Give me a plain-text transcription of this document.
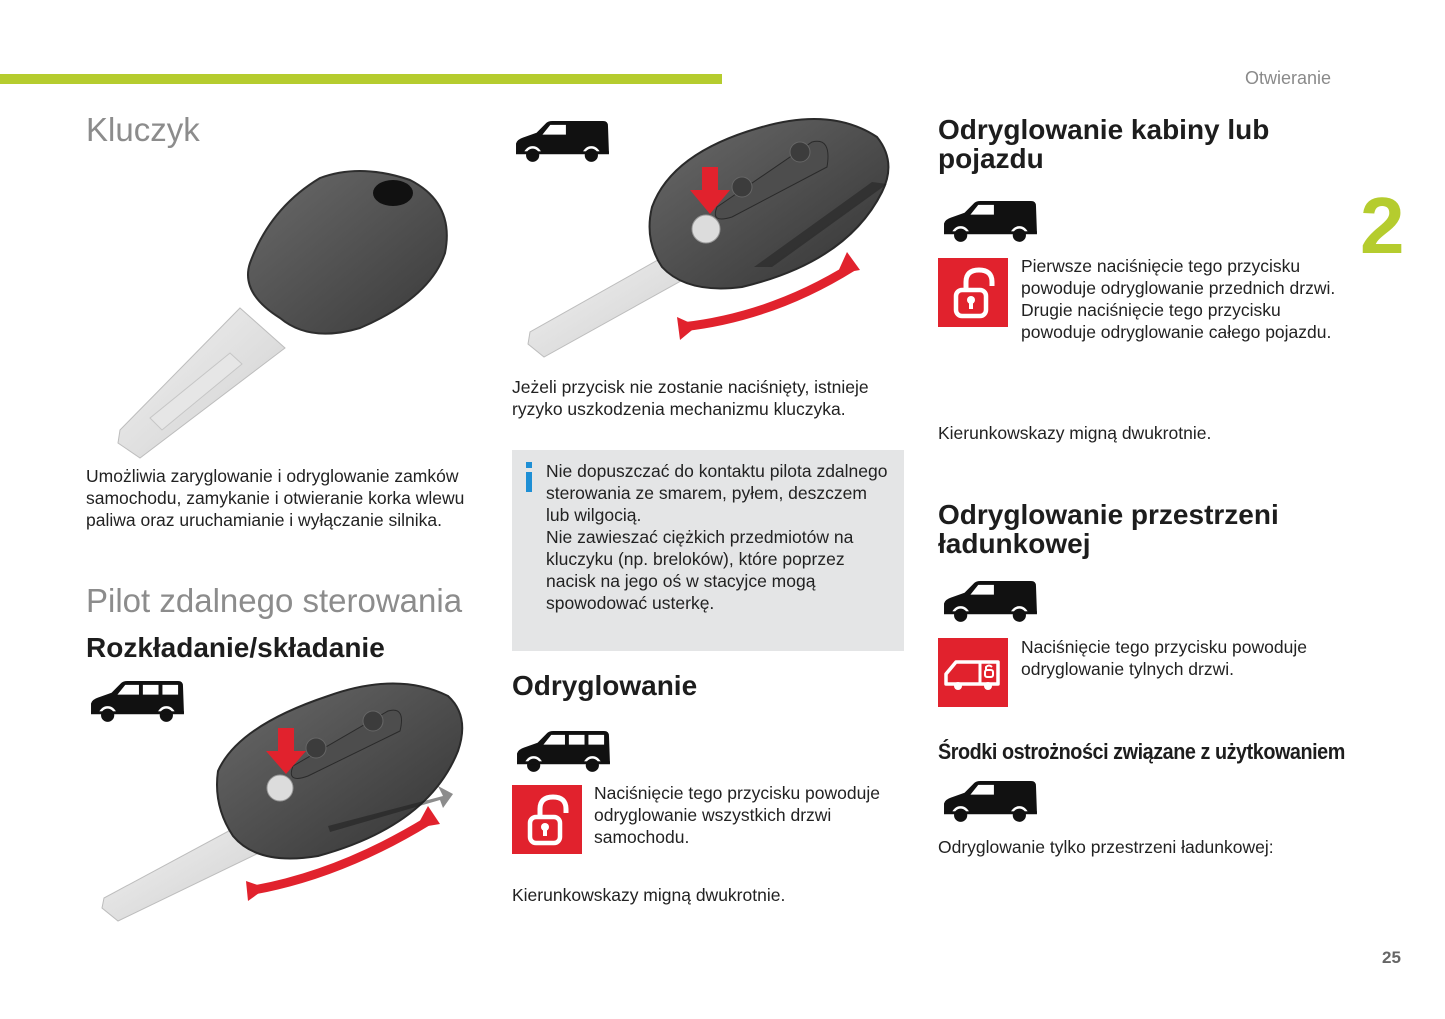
Otwieranie
2
25
Kluczyk
Umożliwia zaryglowanie i odryglowanie zamków samochodu, zamykanie i otwieranie korka wlewu paliwa oraz uruchamianie i wyłączanie silnika.
Pilot zdalnego sterowania
Rozkładanie/składanie
Jeżeli przycisk nie zostanie naciśnięty, istnieje ryzyko uszkodzenia mechanizmu kluczyka.
Nie dopuszczać do kontaktu pilota zdalnego sterowania ze smarem, pyłem, deszczem lub wilgocią.
Nie zawieszać ciężkich przedmiotów na kluczyku (np. breloków), które poprzez nacisk na jego oś w stacyjce mogą spowodować usterkę.
Odryglowanie
Naciśnięcie tego przycisku powoduje odryglowanie wszystkich drzwi samochodu.
Kierunkowskazy migną dwukrotnie.
Odryglowanie kabiny lub pojazdu
Pierwsze naciśnięcie tego przycisku powoduje odryglowanie przednich drzwi.
Drugie naciśnięcie tego przycisku powoduje odryglowanie całego pojazdu.
Kierunkowskazy migną dwukrotnie.
Odryglowanie przestrzeni ładunkowej
Naciśnięcie tego przycisku powoduje odryglowanie tylnych drzwi.
Środki ostrożności związane z użytkowaniem
Odryglowanie tylko przestrzeni ładunkowej:
